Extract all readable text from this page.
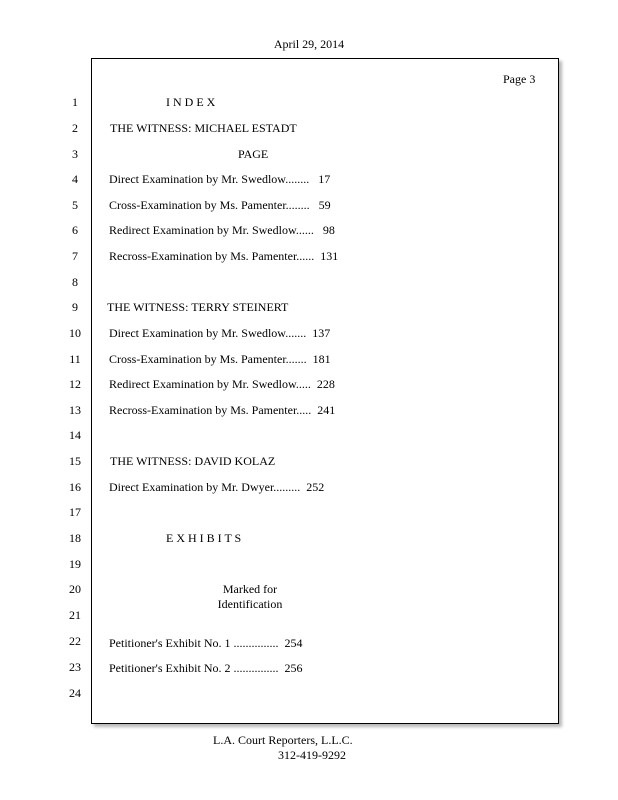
April 29, 2014
Page 3
1
2
3
4
5
6
7
8
9
10
11
12
13
14
15
16
17
18
19
20
21
22
23
24
I N D E X
THE WITNESS: MICHAEL ESTADT
PAGE
Direct Examination by Mr. Swedlow........   17
Cross-Examination by Ms. Pamenter........   59
Redirect Examination by Mr. Swedlow......   98
Recross-Examination by Ms. Pamenter......  131
THE WITNESS: TERRY STEINERT
Direct Examination by Mr. Swedlow.......  137
Cross-Examination by Ms. Pamenter.......  181
Redirect Examination by Mr. Swedlow.....  228
Recross-Examination by Ms. Pamenter.....  241
THE WITNESS: DAVID KOLAZ
Direct Examination by Mr. Dwyer.........  252
E X H I B I T S
Marked for
Identification
Petitioner's Exhibit No. 1 ...............  254
Petitioner's Exhibit No. 2 ...............  256
L.A. Court Reporters, L.L.C.
312-419-9292
